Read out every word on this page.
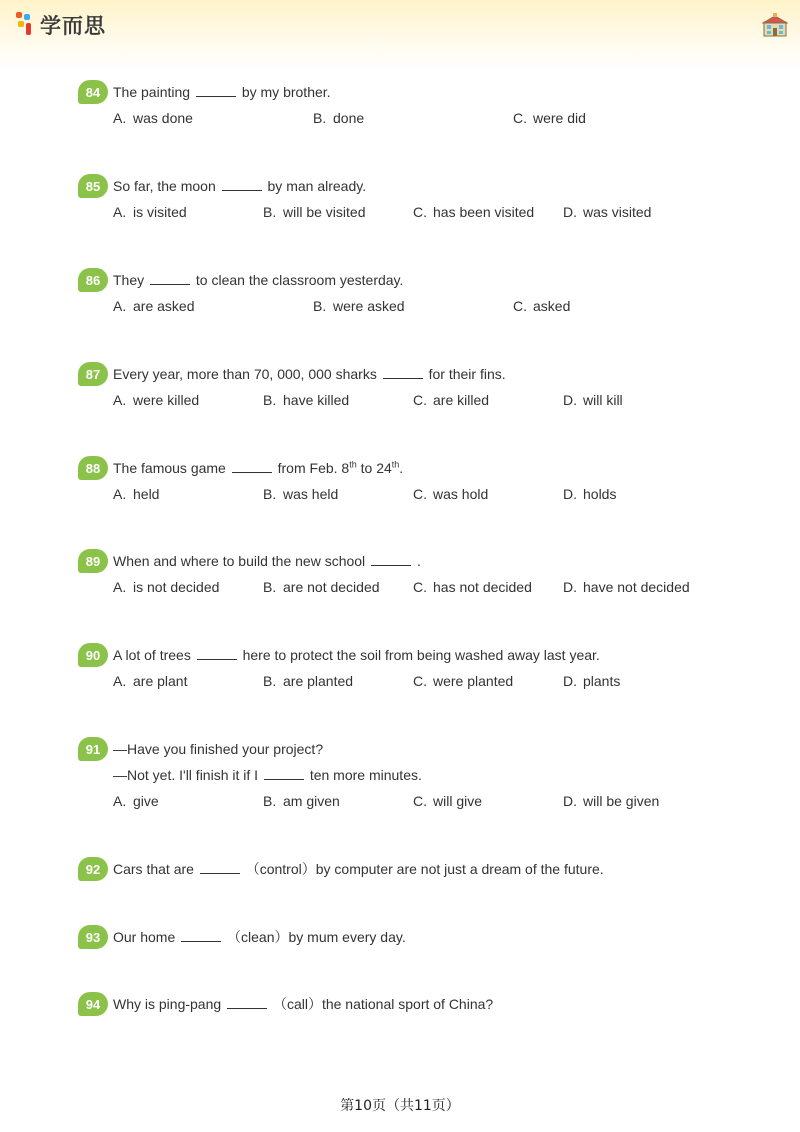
学而思
84 The painting	by my brother.
A. was done	B. done	C. were did
85 So far, the moon	by man already.
A. is visited	B. will be visited	C. has been visited D. was visited
86 They	to clean the classroom yesterday.
A. are asked	B. were asked	C. asked
87 Every year, more than 70, 000, 000 sharks	for their fins.
A. were killed	B. have killed	C. are killed	D. will kill
88 The famous game	from Feb. 8th to 24th.
A. held	B. was held	C. was hold	D. holds
89 When and where to build the new school	.
A. is not decided	B. are not decided C. has not decided D. have not decided
90 A lot of trees	here to protect the soil from being washed away last year.
A. are plant	B. are planted	C. were planted	D. plants
91 —Have you finished your project?
—Not yet. I'll finish it if I	ten more minutes.
A. give	B. am given	C. will give	D. will be given
92 Cars that are	（control）by computer are not just a dream of the future.
93 Our home	（clean）by mum every day.
94 Why is ping-pang	（call）the national sport of China?
第10页（共11页）
